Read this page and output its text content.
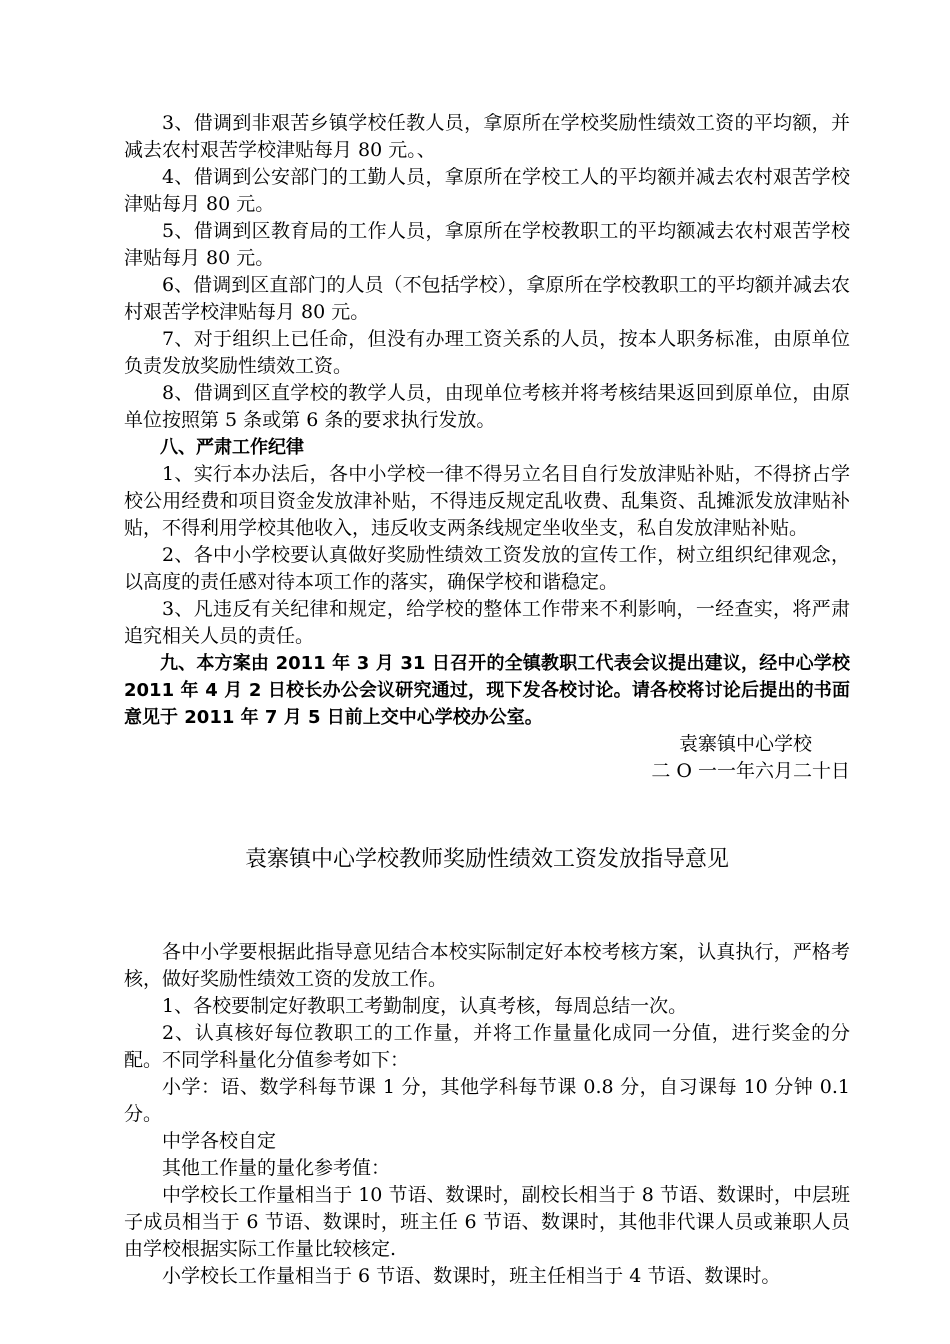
3、借调到非艰苦乡镇学校任教人员，拿原所在学校奖励性绩效工资的平均额，并减去农村艰苦学校津贴每月 80 元。、

4、借调到公安部门的工勤人员，拿原所在学校工人的平均额并减去农村艰苦学校津贴每月 80 元。

5、借调到区教育局的工作人员，拿原所在学校教职工的平均额减去农村艰苦学校津贴每月 80 元。

6、借调到区直部门的人员（不包括学校），拿原所在学校教职工的平均额并减去农村艰苦学校津贴每月 80 元。

7、对于组织上已任命，但没有办理工资关系的人员，按本人职务标准，由原单位负责发放奖励性绩效工资。

8、借调到区直学校的教学人员，由现单位考核并将考核结果返回到原单位，由原单位按照第 5 条或第 6 条的要求执行发放。

八、严肃工作纪律

1、实行本办法后，各中小学校一律不得另立名目自行发放津贴补贴，不得挤占学校公用经费和项目资金发放津补贴，不得违反规定乱收费、乱集资、乱摊派发放津贴补贴，不得利用学校其他收入，违反收支两条线规定坐收坐支，私自发放津贴补贴。

2、各中小学校要认真做好奖励性绩效工资发放的宣传工作，树立组织纪律观念，以高度的责任感对待本项工作的落实，确保学校和谐稳定。

3、凡违反有关纪律和规定，给学校的整体工作带来不利影响，一经查实，将严肃追究相关人员的责任。

九、本方案由 2011 年 3 月 31 日召开的全镇教职工代表会议提出建议，经中心学校 2011 年 4 月 2 日校长办公会议研究通过，现下发各校讨论。请各校将讨论后提出的书面意见于 2011 年 7 月 5 日前上交中心学校办公室。

袁寨镇中心学校

二 O 一一年六月二十日

袁寨镇中心学校教师奖励性绩效工资发放指导意见

各中小学要根据此指导意见结合本校实际制定好本校考核方案，认真执行，严格考核，做好奖励性绩效工资的发放工作。

1、各校要制定好教职工考勤制度，认真考核，每周总结一次。

2、认真核好每位教职工的工作量，并将工作量量化成同一分值，进行奖金的分配。不同学科量化分值参考如下：

小学：语、数学科每节课 1 分，其他学科每节课 0.8 分，自习课每 10 分钟 0.1 分。

中学各校自定

其他工作量的量化参考值：

中学校长工作量相当于 10 节语、数课时，副校长相当于 8 节语、数课时，中层班子成员相当于 6 节语、数课时，班主任 6 节语、数课时，其他非代课人员或兼职人员由学校根据实际工作量比较核定.

小学校长工作量相当于 6 节语、数课时，班主任相当于 4 节语、数课时。
